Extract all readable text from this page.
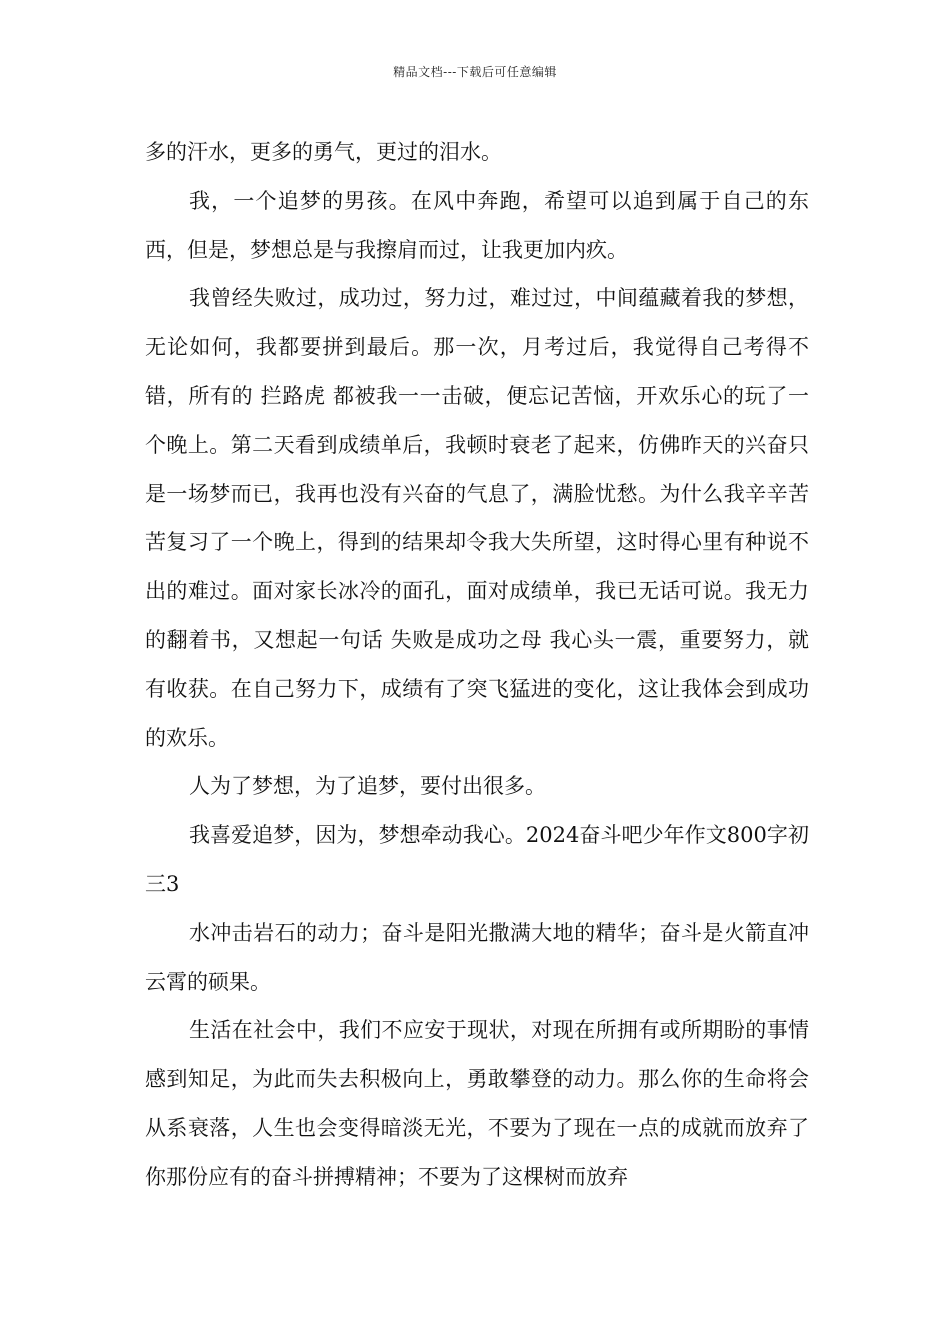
精品文档---下载后可任意编辑

多的汗水，更多的勇气，更过的泪水。

我，一个追梦的男孩。在风中奔跑，希望可以追到属于自己的东西，但是，梦想总是与我擦肩而过，让我更加内疚。

我曾经失败过，成功过，努力过，难过过，中间蕴藏着我的梦想，无论如何，我都要拼到最后。那一次，月考过后，我觉得自己考得不错，所有的 拦路虎 都被我一一击破，便忘记苦恼，开欢乐心的玩了一个晚上。第二天看到成绩单后，我顿时衰老了起来，仿佛昨天的兴奋只是一场梦而已，我再也没有兴奋的气息了，满脸忧愁。为什么我辛辛苦苦复习了一个晚上，得到的结果却令我大失所望，这时得心里有种说不出的难过。面对家长冰冷的面孔，面对成绩单，我已无话可说。我无力的翻着书，又想起一句话 失败是成功之母 我心头一震，重要努力，就有收获。在自己努力下，成绩有了突飞猛进的变化，这让我体会到成功的欢乐。

人为了梦想，为了追梦，要付出很多。

我喜爱追梦，因为，梦想牵动我心。2024奋斗吧少年作文800字初三3

水冲击岩石的动力；奋斗是阳光撒满大地的精华；奋斗是火箭直冲云霄的硕果。

生活在社会中，我们不应安于现状，对现在所拥有或所期盼的事情感到知足，为此而失去积极向上，勇敢攀登的动力。那么你的生命将会从系衰落，人生也会变得暗淡无光，不要为了现在一点的成就而放弃了你那份应有的奋斗拼搏精神；不要为了这棵树而放弃
